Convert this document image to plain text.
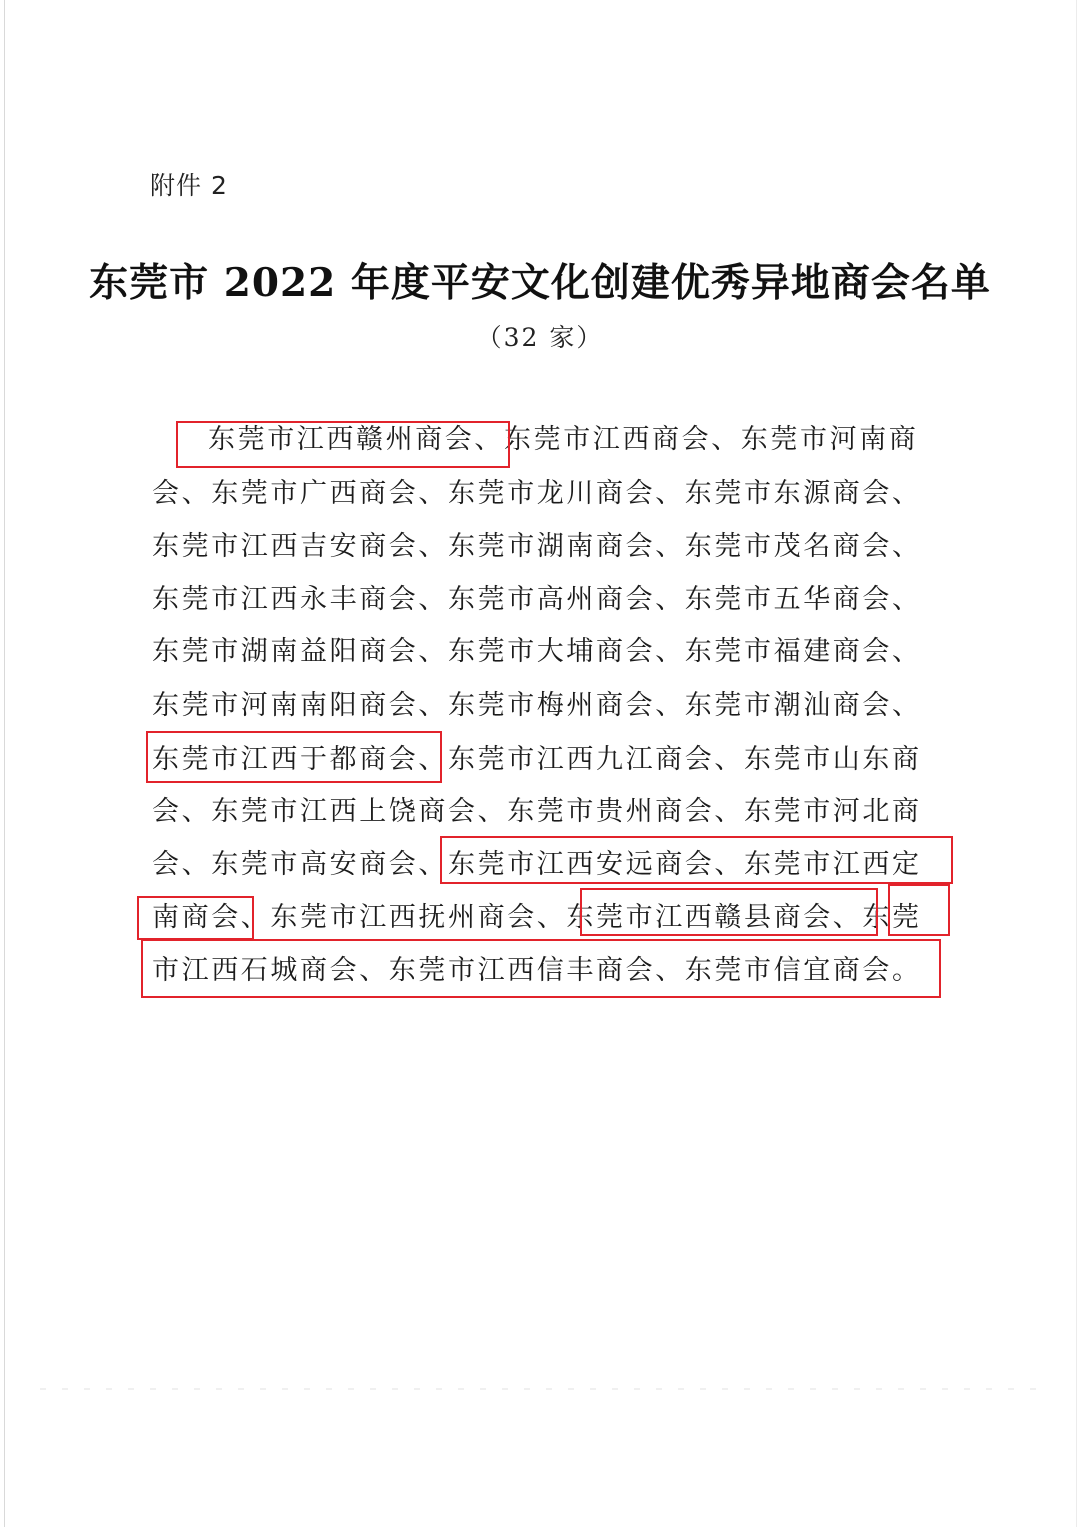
附件 2
东莞市 2022 年度平安文化创建优秀异地商会名单
（32 家）
东莞市江西赣州商会、东莞市江西商会、东莞市河南商
会、东莞市广西商会、东莞市龙川商会、东莞市东源商会、
东莞市江西吉安商会、东莞市湖南商会、东莞市茂名商会、
东莞市江西永丰商会、东莞市高州商会、东莞市五华商会、
东莞市湖南益阳商会、东莞市大埔商会、东莞市福建商会、
东莞市河南南阳商会、东莞市梅州商会、东莞市潮汕商会、
东莞市江西于都商会、东莞市江西九江商会、东莞市山东商
会、东莞市江西上饶商会、东莞市贵州商会、东莞市河北商
会、东莞市高安商会、东莞市江西安远商会、东莞市江西定
南商会、东莞市江西抚州商会、东莞市江西赣县商会、东莞
市江西石城商会、东莞市江西信丰商会、东莞市信宜商会。
